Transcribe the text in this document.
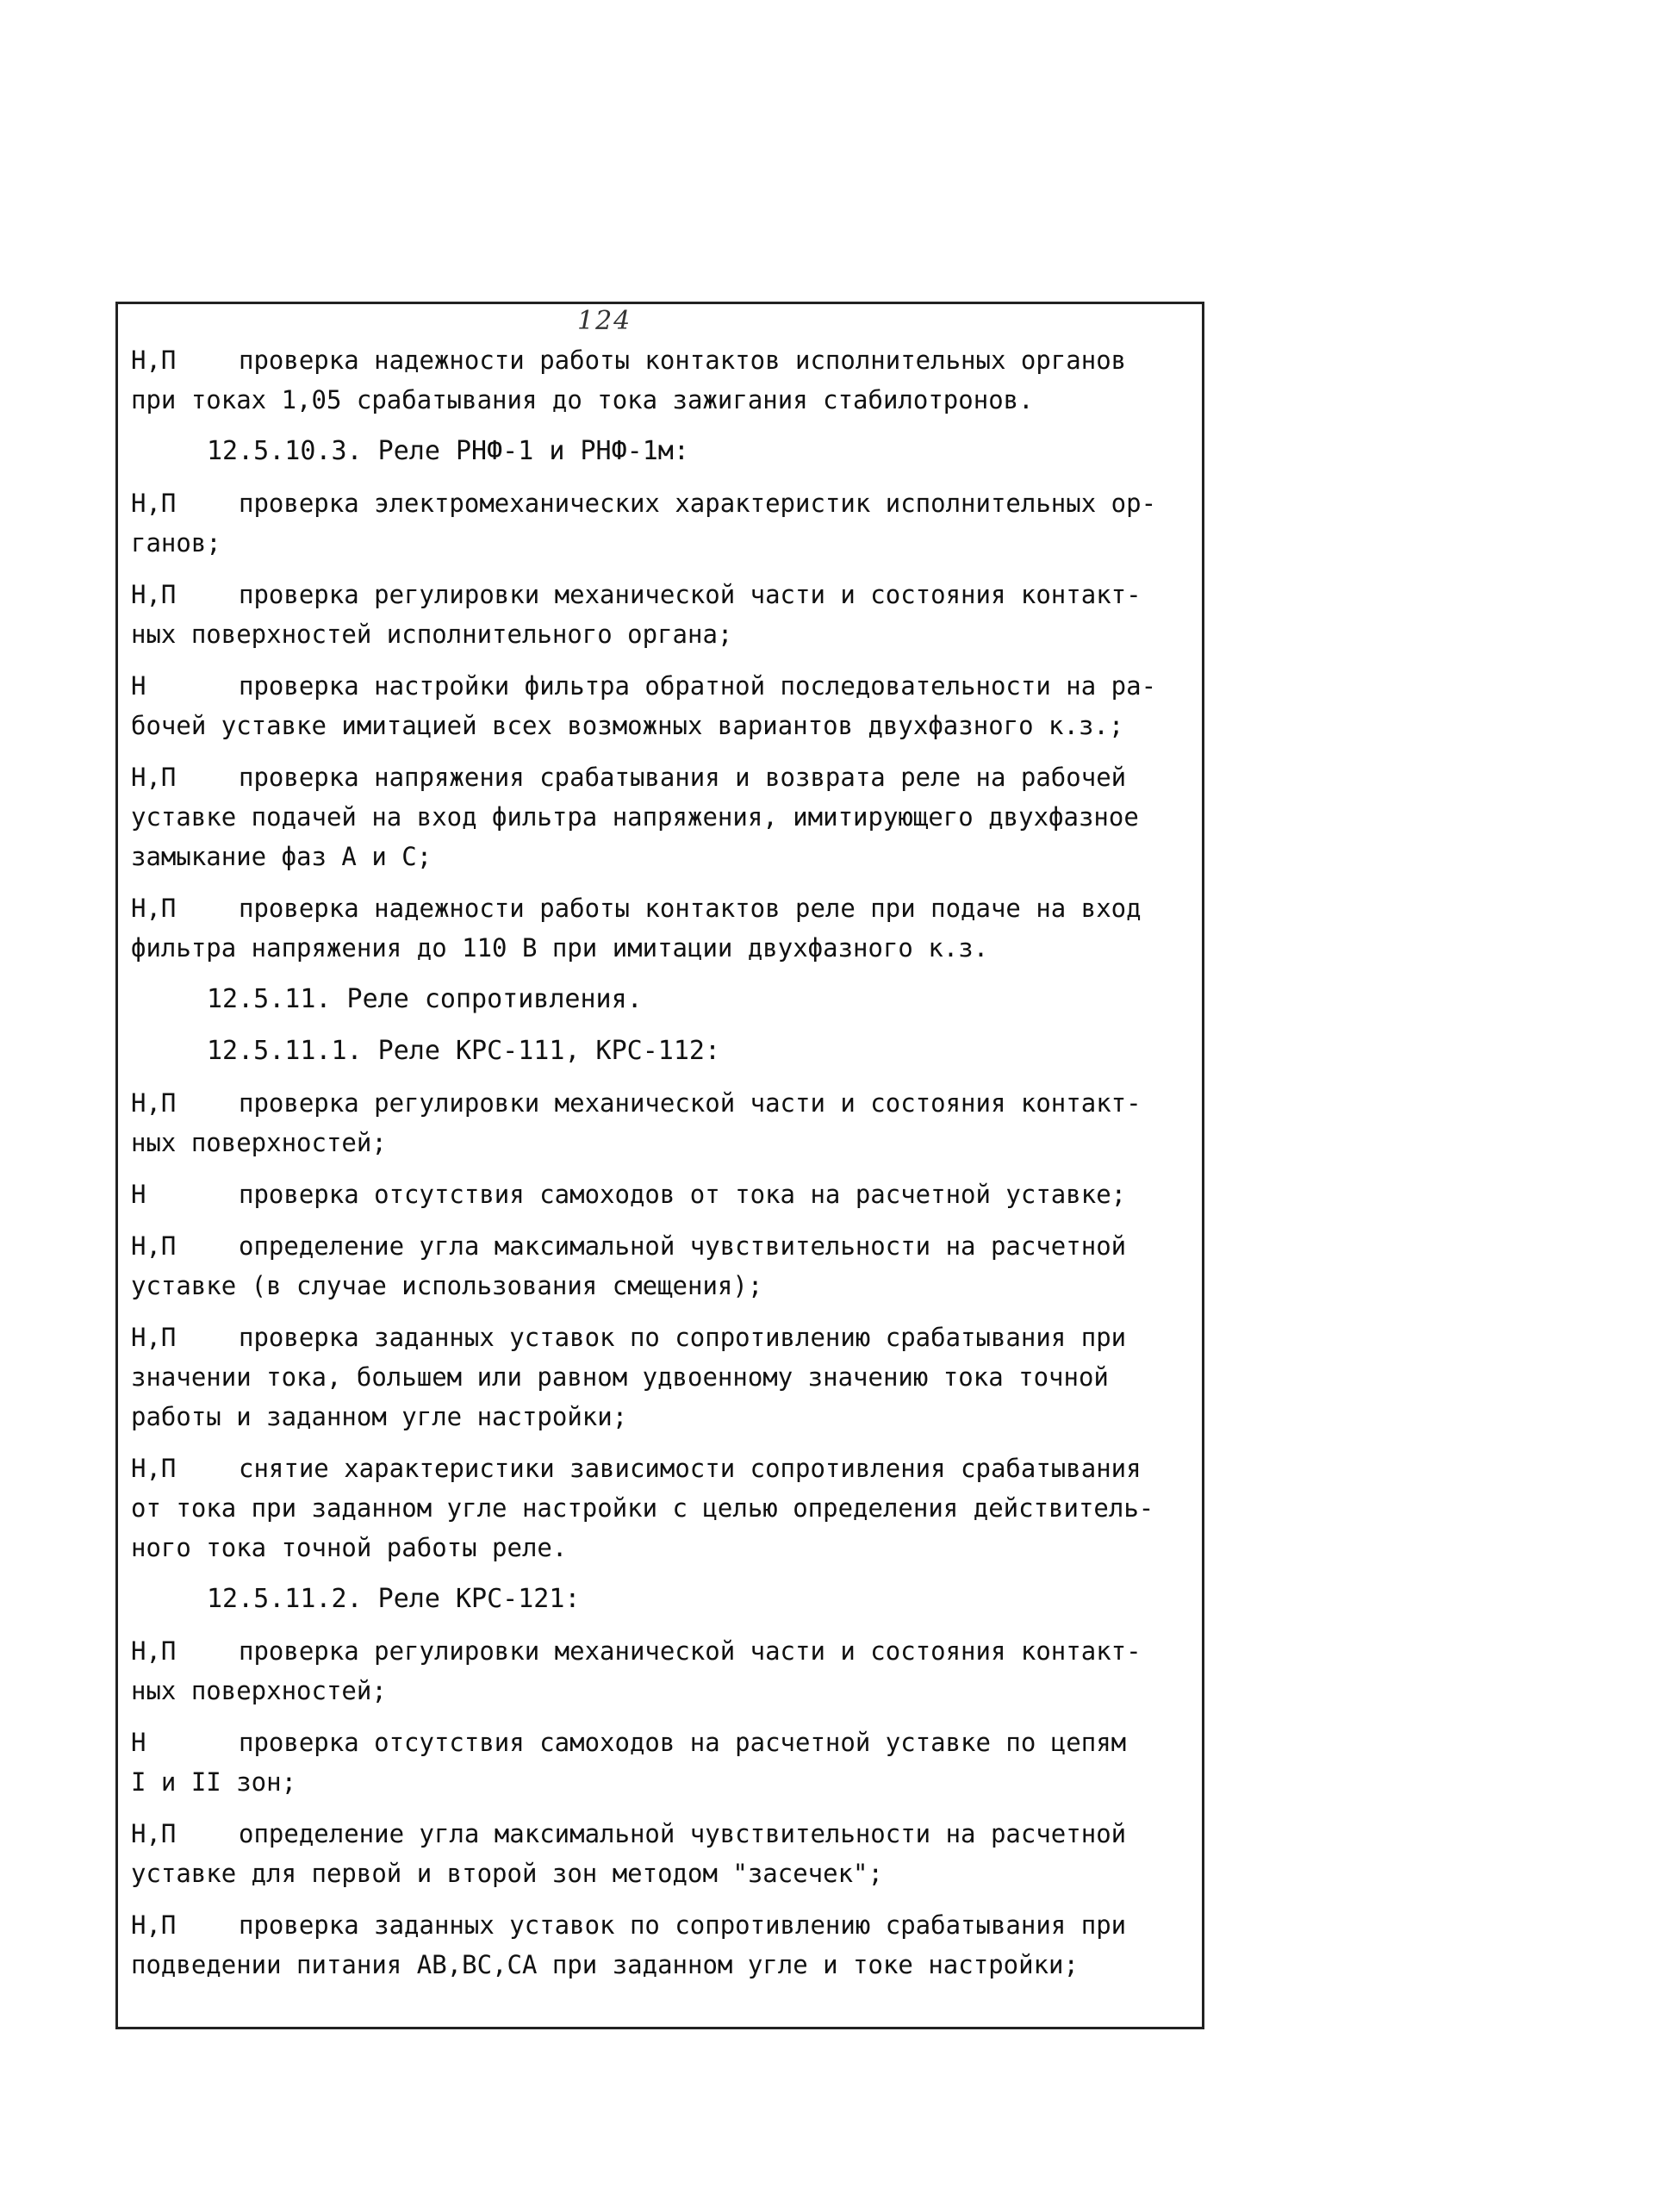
124
Н,П	проверка надежности работы контактов исполнительных органов
при токах 1,05 срабатывания до тока зажигания стабилотронов.
12.5.10.3. Реле РНФ-1 и РНФ-1м:
Н,П	проверка электромеханических характеристик исполнительных ор-
ганов;
Н,П	проверка регулировки механической части и состояния контакт-
ных поверхностей исполнительного органа;
Н	проверка настройки фильтра обратной последовательности на ра-
бочей уставке имитацией всех возможных вариантов двухфазного к.з.;
Н,П	проверка напряжения срабатывания и возврата реле на рабочей
уставке подачей на вход фильтра напряжения, имитирующего двухфазное
замыкание фаз А и С;
Н,П	проверка надежности работы контактов реле при подаче на вход
фильтра напряжения до 110 В при имитации двухфазного к.з.
12.5.11. Реле сопротивления.
12.5.11.1. Реле КРС-111, КРС-112:
Н,П	проверка регулировки механической части и состояния контакт-
ных поверхностей;
Н	проверка отсутствия самоходов от тока на расчетной уставке;
Н,П	определение угла максимальной чувствительности на расчетной
уставке (в случае использования смещения);
Н,П	проверка заданных уставок по сопротивлению срабатывания при
значении тока, большем или равном удвоенному значению тока точной
работы и заданном угле настройки;
Н,П	снятие характеристики зависимости сопротивления срабатывания
от тока при заданном угле настройки с целью определения действитель-
ного тока точной работы реле.
12.5.11.2. Реле КРС-121:
Н,П	проверка регулировки механической части и состояния контакт-
ных поверхностей;
Н	проверка отсутствия самоходов на расчетной уставке по цепям
I и II зон;
Н,П	определение угла максимальной чувствительности на расчетной
уставке для первой и второй зон методом "засечек";
Н,П	проверка заданных уставок по сопротивлению срабатывания при
подведении питания АВ,ВС,СА при заданном угле и токе настройки;
